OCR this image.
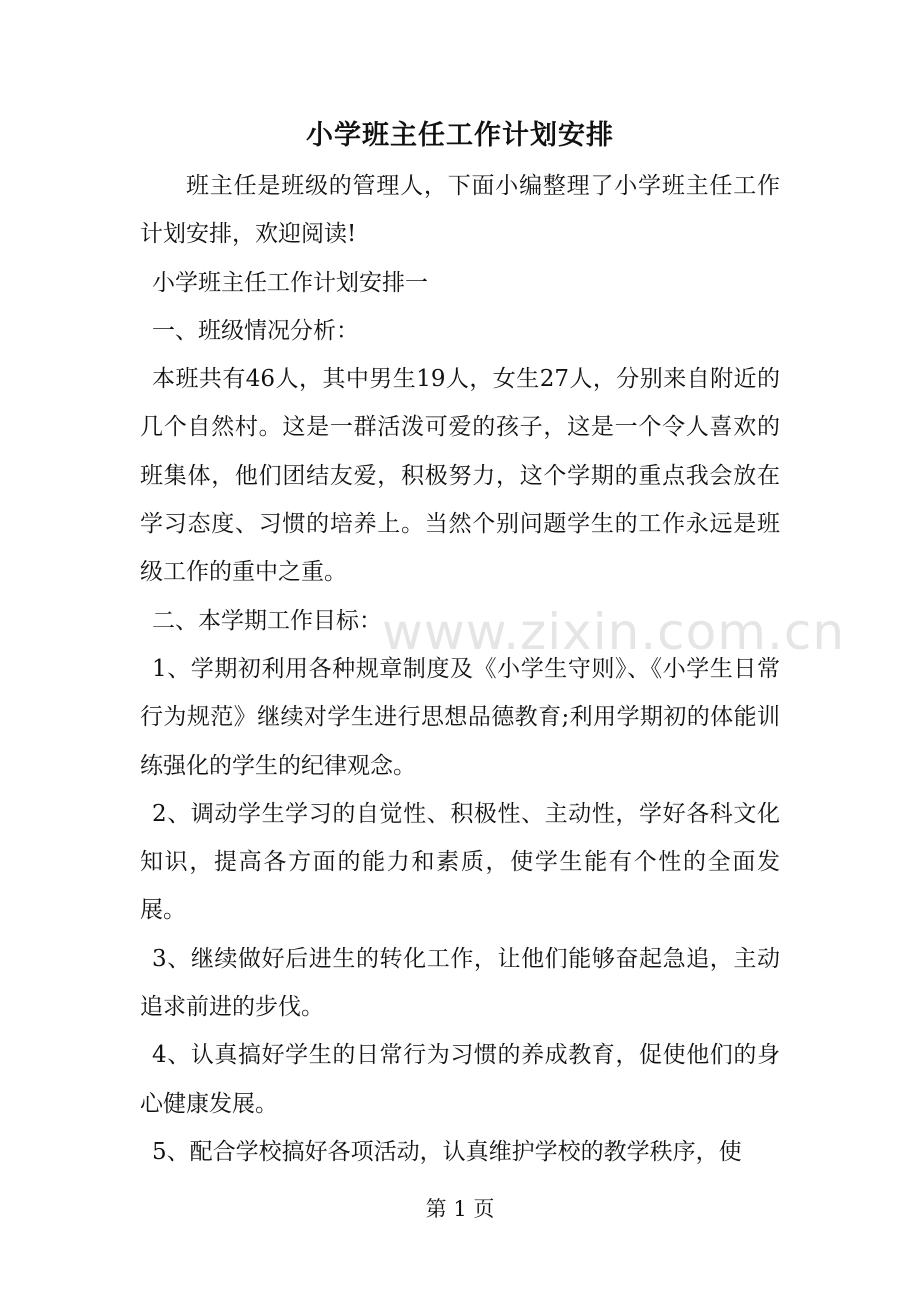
小学班主任工作计划安排

班主任是班级的管理人，下面小编整理了小学班主任工作计划安排，欢迎阅读!

小学班主任工作计划安排一

一、班级情况分析：

本班共有46人，其中男生19人，女生27人，分别来自附近的几个自然村。这是一群活泼可爱的孩子，这是一个令人喜欢的班集体，他们团结友爱，积极努力，这个学期的重点我会放在学习态度、习惯的培养上。当然个别问题学生的工作永远是班级工作的重中之重。

二、本学期工作目标：

1、学期初利用各种规章制度及《小学生守则》、《小学生日常行为规范》继续对学生进行思想品德教育;利用学期初的体能训练强化的学生的纪律观念。

2、调动学生学习的自觉性、积极性、主动性，学好各科文化知识，提高各方面的能力和素质，使学生能有个性的全面发展。

3、继续做好后进生的转化工作，让他们能够奋起急追，主动追求前进的步伐。

4、认真搞好学生的日常行为习惯的养成教育，促使他们的身心健康发展。

5、配合学校搞好各项活动，认真维护学校的教学秩序，使

www.zixin.com.cn
第 1 页
